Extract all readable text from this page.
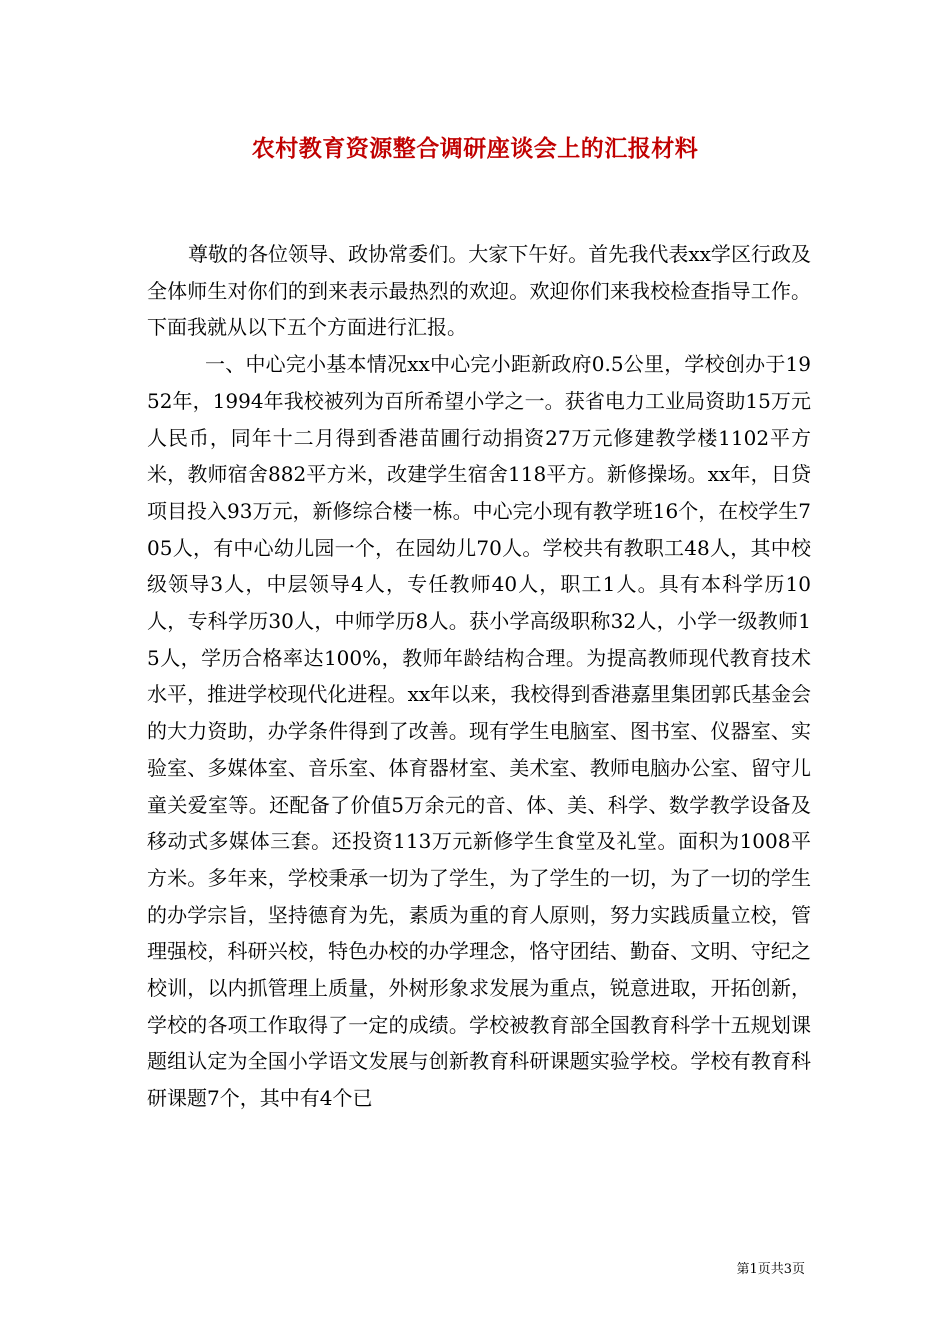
农村教育资源整合调研座谈会上的汇报材料

尊敬的各位领导、政协常委们。大家下午好。首先我代表xx学区行政及全体师生对你们的到来表示最热烈的欢迎。欢迎你们来我校检查指导工作。下面我就从以下五个方面进行汇报。

一、中心完小基本情况xx中心完小距新政府0.5公里，学校创办于1952年，1994年我校被列为百所希望小学之一。获省电力工业局资助15万元人民币，同年十二月得到香港苗圃行动捐资27万元修建教学楼1102平方米，教师宿舍882平方米，改建学生宿舍118平方。新修操场。xx年，日贷项目投入93万元，新修综合楼一栋。中心完小现有教学班16个，在校学生705人，有中心幼儿园一个，在园幼儿70人。学校共有教职工48人，其中校级领导3人，中层领导4人，专任教师40人，职工1人。具有本科学历10人，专科学历30人，中师学历8人。获小学高级职称32人，小学一级教师15人，学历合格率达100%，教师年龄结构合理。为提高教师现代教育技术水平，推进学校现代化进程。xx年以来，我校得到香港嘉里集团郭氏基金会的大力资助，办学条件得到了改善。现有学生电脑室、图书室、仪器室、实验室、多媒体室、音乐室、体育器材室、美术室、教师电脑办公室、留守儿童关爱室等。还配备了价值5万余元的音、体、美、科学、数学教学设备及移动式多媒体三套。还投资113万元新修学生食堂及礼堂。面积为1008平方米。多年来，学校秉承一切为了学生，为了学生的一切，为了一切的学生的办学宗旨，坚持德育为先，素质为重的育人原则，努力实践质量立校，管理强校，科研兴校，特色办校的办学理念，恪守团结、勤奋、文明、守纪之校训，以内抓管理上质量，外树形象求发展为重点，锐意进取，开拓创新，学校的各项工作取得了一定的成绩。学校被教育部全国教育科学十五规划课题组认定为全国小学语文发展与创新教育科研课题实验学校。学校有教育科研课题7个，其中有4个已

第1页共3页
